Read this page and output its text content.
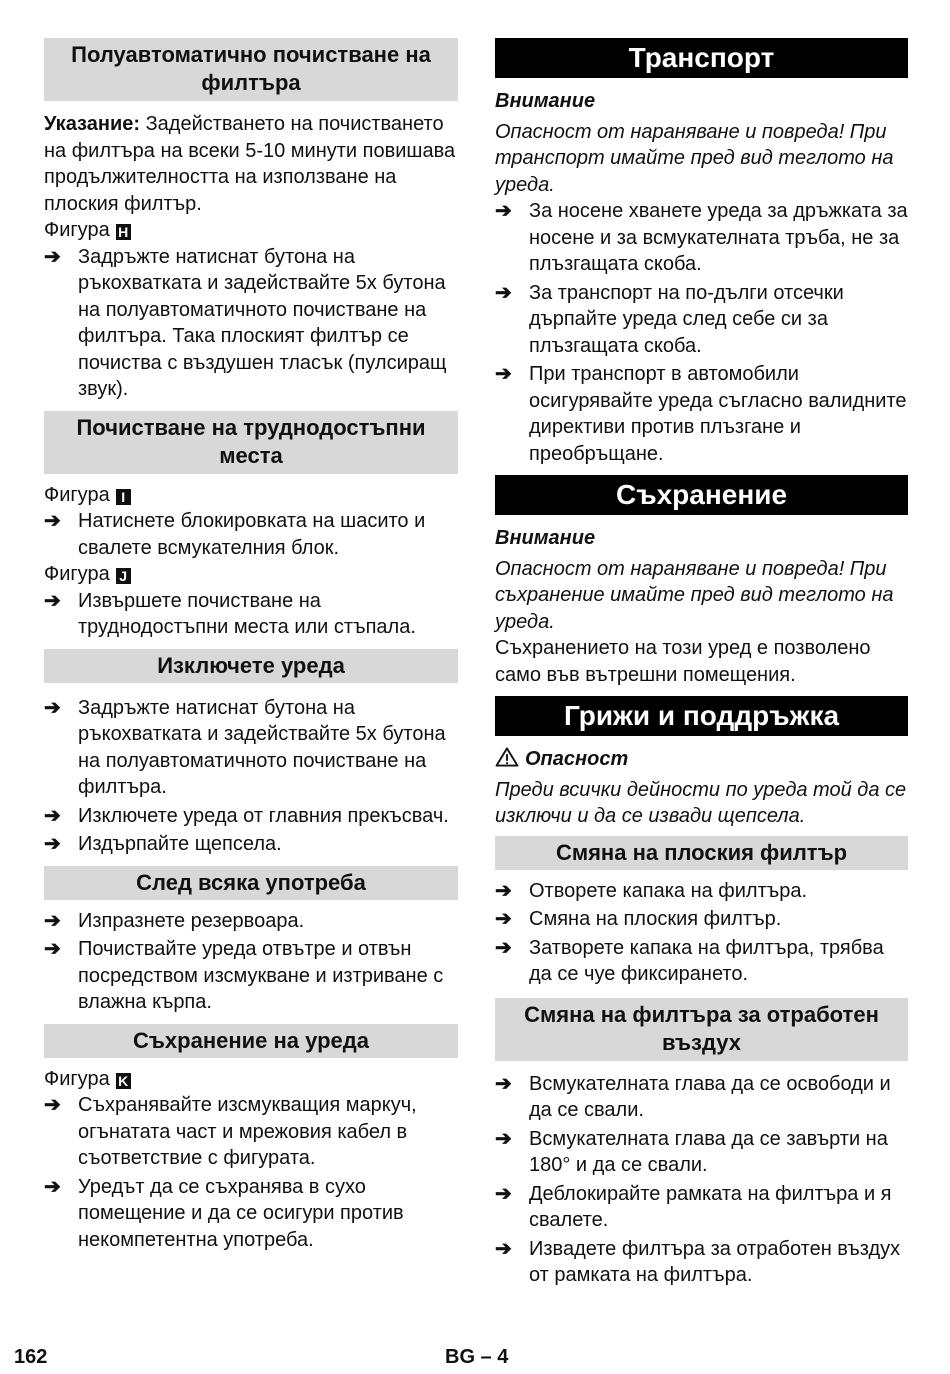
Полуавтоматично почистване на филтъра

Указание: Задействането на почистването на филтъра на всеки 5-10 минути повишава продължителността на използване на плоския филтър.

Фигура H
➔ Задръжте натиснат бутона на ръкохватката и задействайте 5x бутона на полуавтоматичното почистване на филтъра. Така плоският филтър се почиства с въздушен тласък (пулсиращ звук).
Почистване на труднодостъпни места
Фигура I
➔ Натиснете блокировката на шасито и свалете всмукателния блок.
Фигура J
➔ Извършете почистване на труднодостъпни места или стъпала.
Изключете уреда
➔ Задръжте натиснат бутона на ръкохватката и задействайте 5x бутона на полуавтоматичното почистване на филтъра.
➔ Изключете уреда от главния прекъсвач.
➔ Издърпайте щепсела.
След всяка употреба
➔ Изпразнете резервоара.
➔ Почиствайте уреда отвътре и отвън посредством изсмукване и изтриване с влажна кърпа.
Съхранение на уреда
Фигура K
➔ Съхранявайте изсмукващия маркуч, огънатата част и мрежовия кабел в съответствие с фигурата.
➔ Уредът да се съхранява в сухо помещение и да се осигури против некомпетентна употреба.
Транспорт

Внимание

Опасност от нараняване и повреда! При транспорт имайте пред вид теглото на уреда.

➔ За носене хванете уреда за дръжката за носене и за всмукателната тръба, не за плъзгащата скоба.
➔ За транспорт на по-дълги отсечки дърпайте уреда след себе си за плъзгащата скоба.
➔ При транспорт в автомобили осигурявайте уреда съгласно валидните директиви против плъзгане и преобръщане.
Съхранение

Внимание

Опасност от нараняване и повреда! При съхранение имайте пред вид теглото на уреда.

Съхранението на този уред е позволено само във вътрешни помещения.

Грижи и поддръжка

Опасност

Преди всички дейности по уреда той да се изключи и да се извади щепсела.

Смяна на плоския филтър
➔ Отворете капака на филтъра.
➔ Смяна на плоския филтър.
➔ Затворете капака на филтъра, трябва да се чуе фиксирането.
Смяна на филтъра за отработен въздух
➔ Всмукателната глава да се освободи и да се свали.
➔ Всмукателната глава да се завърти на 180° и да се свали.
➔ Деблокирайте рамката на филтъра и я свалете.
➔ Извадете филтъра за отработен въздух от рамката на филтъра.
162	BG – 4
